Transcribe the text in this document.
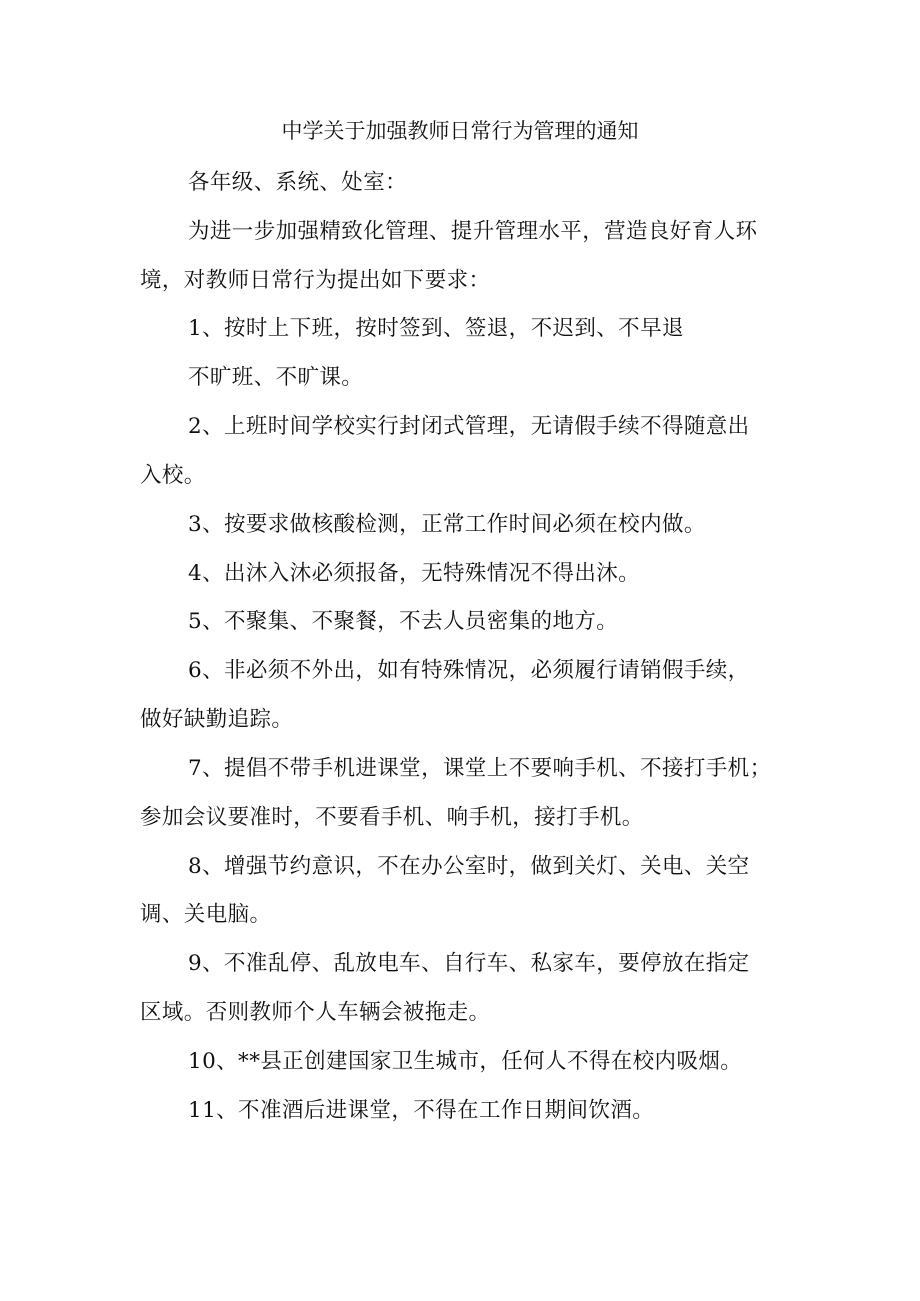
中学关于加强教师日常行为管理的通知
各年级、系统、处室：
为进一步加强精致化管理、提升管理水平，营造良好育人环
境，对教师日常行为提出如下要求：
1、按时上下班，按时签到、签退，不迟到、不早退
不旷班、不旷课。
2、上班时间学校实行封闭式管理，无请假手续不得随意出
入校。
3、按要求做核酸检测，正常工作时间必须在校内做。
4、出沐入沐必须报备，无特殊情况不得出沐。
5、不聚集、不聚餐，不去人员密集的地方。
6、非必须不外出，如有特殊情况，必须履行请销假手续，
做好缺勤追踪。
7、提倡不带手机进课堂，课堂上不要响手机、不接打手机；
参加会议要准时，不要看手机、响手机，接打手机。
8、增强节约意识，不在办公室时，做到关灯、关电、关空
调、关电脑。
9、不准乱停、乱放电车、自行车、私家车，要停放在指定
区域。否则教师个人车辆会被拖走。
10、**县正创建国家卫生城市，任何人不得在校内吸烟。
11、不准酒后进课堂，不得在工作日期间饮酒。
